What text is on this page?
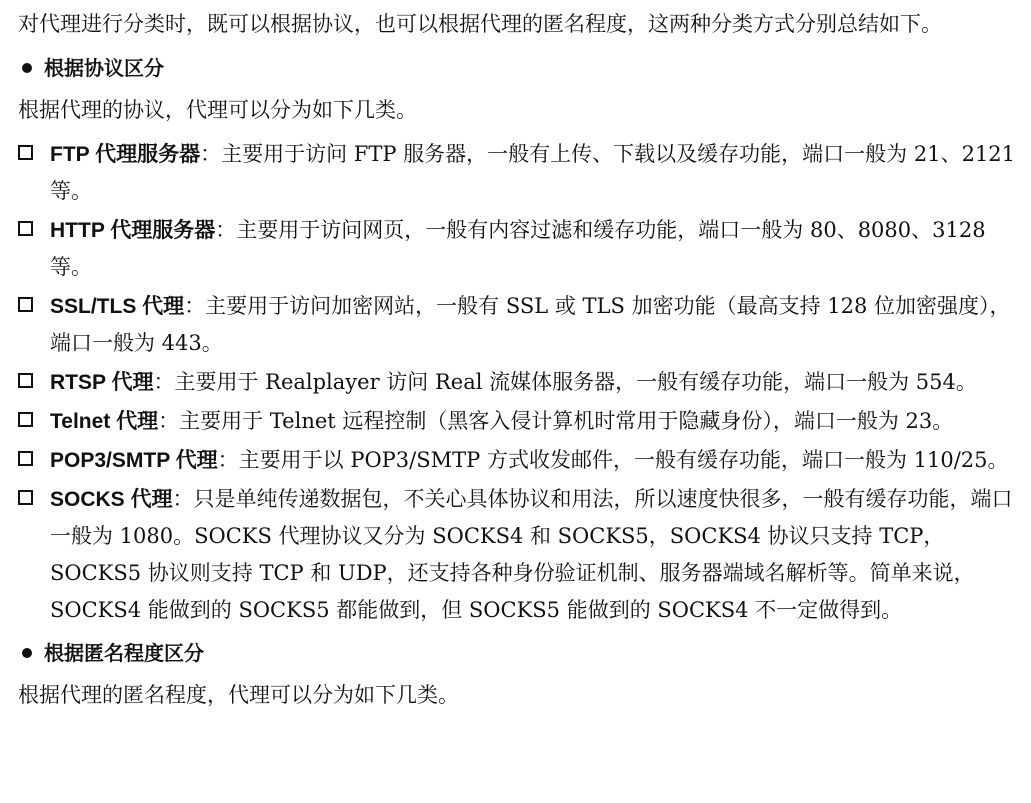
对代理进行分类时，既可以根据协议，也可以根据代理的匿名程度，这两种分类方式分别总结如下。
根据协议区分
根据代理的协议，代理可以分为如下几类。
FTP 代理服务器：主要用于访问 FTP 服务器，一般有上传、下载以及缓存功能，端口一般为 21、2121 等。
HTTP 代理服务器：主要用于访问网页，一般有内容过滤和缓存功能，端口一般为 80、8080、3128 等。
SSL/TLS 代理：主要用于访问加密网站，一般有 SSL 或 TLS 加密功能（最高支持 128 位加密强度），端口一般为 443。
RTSP 代理：主要用于 Realplayer 访问 Real 流媒体服务器，一般有缓存功能，端口一般为 554。
Telnet 代理：主要用于 Telnet 远程控制（黑客入侵计算机时常用于隐藏身份），端口一般为 23。
POP3/SMTP 代理：主要用于以 POP3/SMTP 方式收发邮件，一般有缓存功能，端口一般为 110/25。
SOCKS 代理：只是单纯传递数据包，不关心具体协议和用法，所以速度快很多，一般有缓存功能，端口一般为 1080。SOCKS 代理协议又分为 SOCKS4 和 SOCKS5，SOCKS4 协议只支持 TCP，SOCKS5 协议则支持 TCP 和 UDP，还支持各种身份验证机制、服务器端域名解析等。简单来说，SOCKS4 能做到的 SOCKS5 都能做到，但 SOCKS5 能做到的 SOCKS4 不一定做得到。
根据匿名程度区分
根据代理的匿名程度，代理可以分为如下几类。
